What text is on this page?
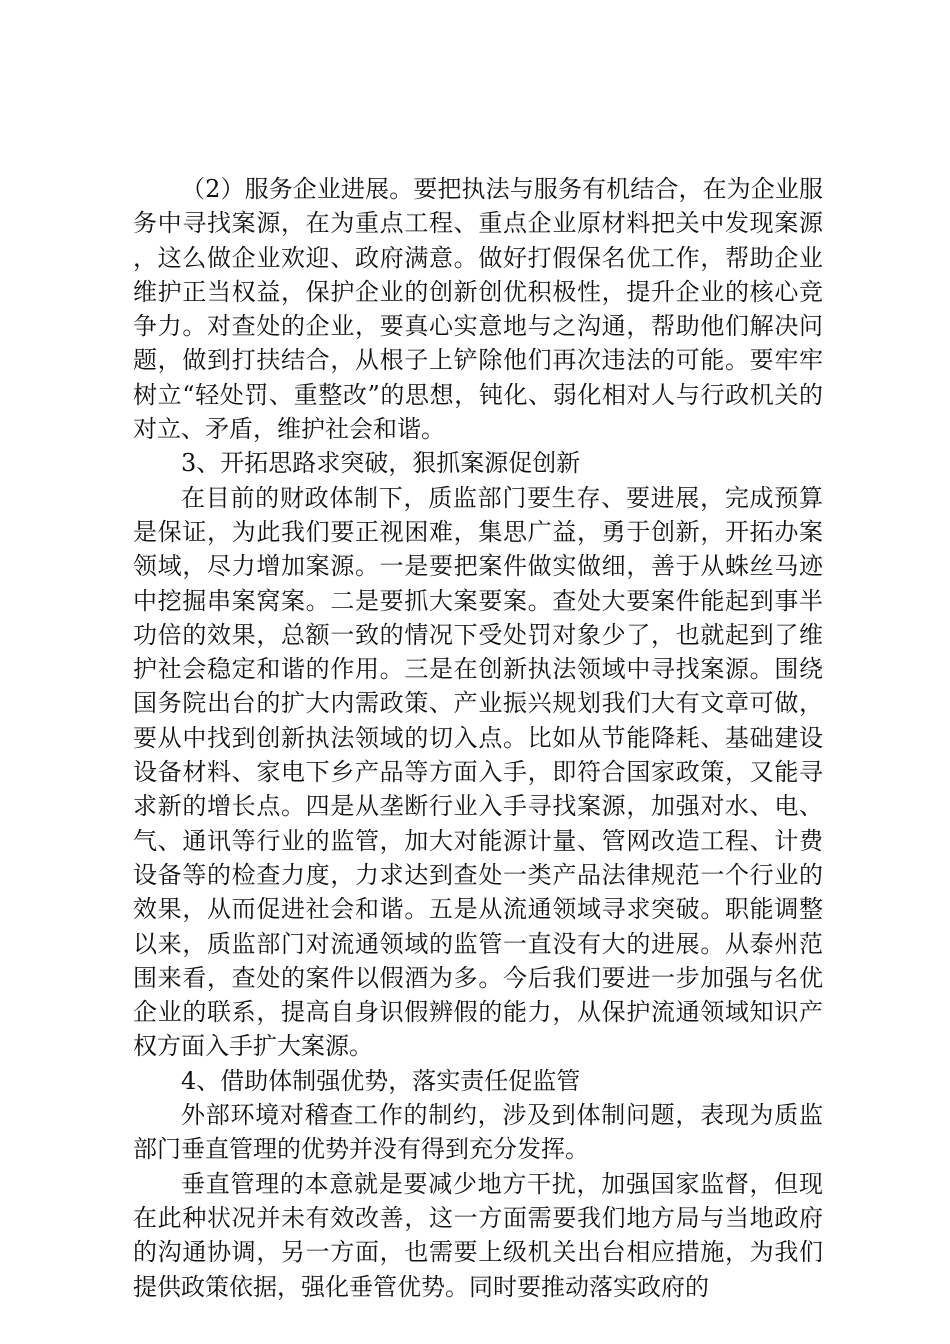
（2）服务企业进展。要把执法与服务有机结合，在为企业服务中寻找案源，在为重点工程、重点企业原材料把关中发现案源，这么做企业欢迎、政府满意。做好打假保名优工作，帮助企业维护正当权益，保护企业的创新创优积极性，提升企业的核心竞争力。对查处的企业，要真心实意地与之沟通，帮助他们解决问题，做到打扶结合，从根子上铲除他们再次违法的可能。要牢牢树立“轻处罚、重整改”的思想，钝化、弱化相对人与行政机关的对立、矛盾，维护社会和谐。

3、开拓思路求突破，狠抓案源促创新

在目前的财政体制下，质监部门要生存、要进展，完成预算是保证，为此我们要正视困难，集思广益，勇于创新，开拓办案领域，尽力增加案源。一是要把案件做实做细，善于从蛛丝马迹中挖掘串案窝案。二是要抓大案要案。查处大要案件能起到事半功倍的效果，总额一致的情况下受处罚对象少了，也就起到了维护社会稳定和谐的作用。三是在创新执法领域中寻找案源。围绕国务院出台的扩大内需政策、产业振兴规划我们大有文章可做，要从中找到创新执法领域的切入点。比如从节能降耗、基础建设设备材料、家电下乡产品等方面入手，即符合国家政策，又能寻求新的增长点。四是从垄断行业入手寻找案源，加强对水、电、气、通讯等行业的监管，加大对能源计量、管网改造工程、计费设备等的检查力度，力求达到查处一类产品法律规范一个行业的效果，从而促进社会和谐。五是从流通领域寻求突破。职能调整以来，质监部门对流通领域的监管一直没有大的进展。从泰州范围来看，查处的案件以假酒为多。今后我们要进一步加强与名优企业的联系，提高自身识假辨假的能力，从保护流通领域知识产权方面入手扩大案源。

4、借助体制强优势，落实责任促监管

外部环境对稽查工作的制约，涉及到体制问题，表现为质监部门垂直管理的优势并没有得到充分发挥。

垂直管理的本意就是要减少地方干扰，加强国家监督，但现在此种状况并未有效改善，这一方面需要我们地方局与当地政府的沟通协调，另一方面，也需要上级机关出台相应措施，为我们提供政策依据，强化垂管优势。同时要推动落实政府的
